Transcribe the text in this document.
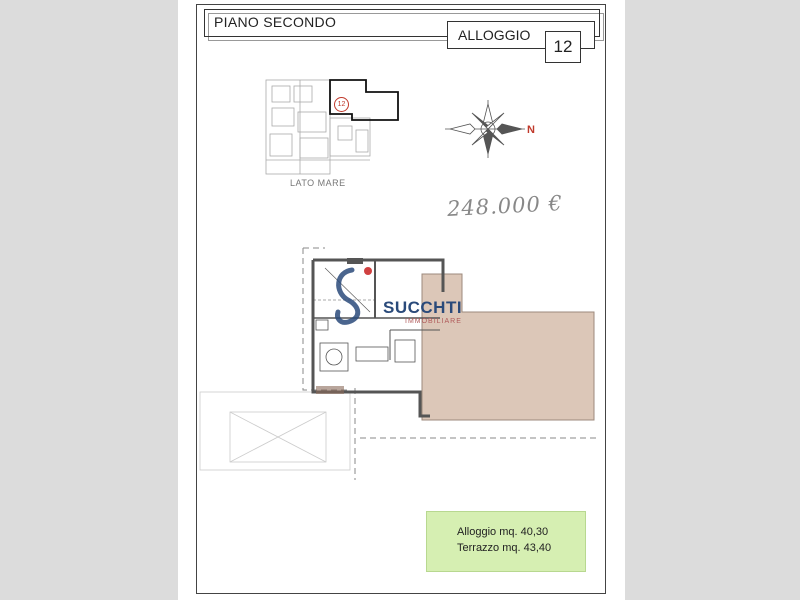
PIANO SECONDO
ALLOGGIO
12
12
LATO MARE
N
248.000 €
SUCCHTI
IMMOBILIARE
Alloggio mq. 40,30
Terrazzo mq. 43,40
